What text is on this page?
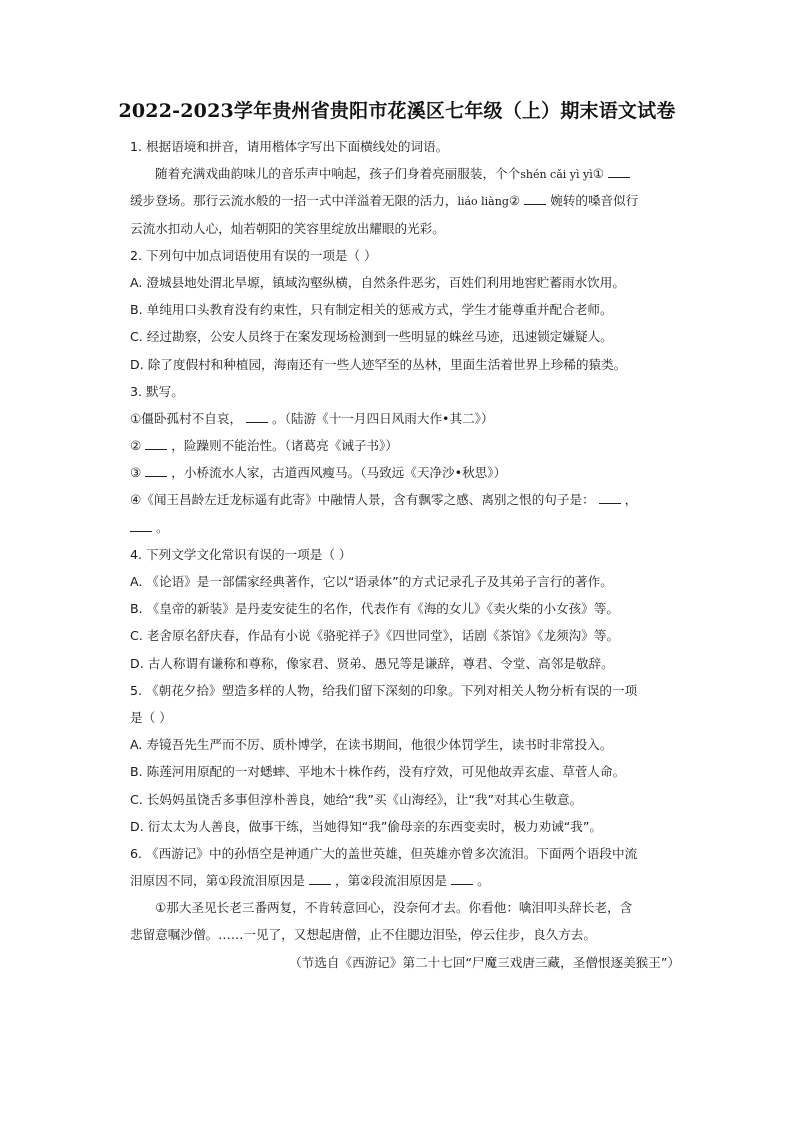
2022-2023学年贵州省贵阳市花溪区七年级（上）期末语文试卷
1. 根据语境和拼音，请用楷体字写出下面横线处的词语。
随着充满戏曲韵味儿的音乐声中响起，孩子们身着亮丽服装，个个shén cǎi yì yì①
缓步登场。那行云流水般的一招一式中洋溢着无限的活力，liáo liàng② 婉转的嗓音似行
云流水扣动人心，灿若朝阳的笑容里绽放出耀眼的光彩。
2. 下列句中加点词语使用有误的一项是（ ）
A. 澄城县地处渭北旱塬，镇域沟壑纵横，自然条件恶劣，百姓们利用地窖贮蓄雨水饮用。
B. 单纯用口头教育没有约束性，只有制定相关的惩戒方式，学生才能尊重并配合老师。
C. 经过勘察，公安人员终于在案发现场检测到一些明显的蛛丝马迹，迅速锁定嫌疑人。
D. 除了度假村和种植园，海南还有一些人迹罕至的丛林，里面生活着世界上珍稀的猿类。
3. 默写。
①僵卧孤村不自哀， 。（陆游《十一月四日风雨大作•其二》）
② ，险躁则不能治性。（诸葛亮《诫子书》）
③ ，小桥流水人家，古道西风瘦马。（马致远《天净沙•秋思》）
④《闻王昌龄左迁龙标遥有此寄》中融情人景，含有飘零之感、离别之恨的句子是： ，
。
4. 下列文学文化常识有误的一项是（ ）
A. 《论语》是一部儒家经典著作，它以“语录体”的方式记录孔子及其弟子言行的著作。
B. 《皇帝的新装》是丹麦安徒生的名作，代表作有《海的女儿》《卖火柴的小女孩》等。
C. 老舍原名舒庆春，作品有小说《骆驼祥子》《四世同堂》，话剧《茶馆》《龙须沟》等。
D. 古人称谓有谦称和尊称，像家君、贤弟、愚兄等是谦辞，尊君、令堂、高邻是敬辞。
5. 《朝花夕拾》塑造多样的人物，给我们留下深刻的印象。下列对相关人物分析有误的一项
是（ ）
A. 寿镜吾先生严而不厉、质朴博学，在读书期间，他很少体罚学生，读书时非常投入。
B. 陈莲河用原配的一对蟋蟀、平地木十株作药，没有疗效，可见他故弄玄虚、草菅人命。
C. 长妈妈虽饶舌多事但淳朴善良，她给“我”买《山海经》，让“我”对其心生敬意。
D. 衍太太为人善良，做事干练，当她得知“我”偷母亲的东西变卖时，极力劝诫“我”。
6. 《西游记》中的孙悟空是神通广大的盖世英雄，但英雄亦曾多次流泪。下面两个语段中流
泪原因不同，第①段流泪原因是 ，第②段流泪原因是 。
①那大圣见长老三番两复，不肯转意回心，没奈何才去。你看他：噙泪叩头辞长老，含
悲留意嘱沙僧。……一见了，又想起唐僧，止不住腮边泪坠，停云住步，良久方去。
（节选自《西游记》第二十七回“尸魔三戏唐三藏，圣僧恨逐美猴王”）
